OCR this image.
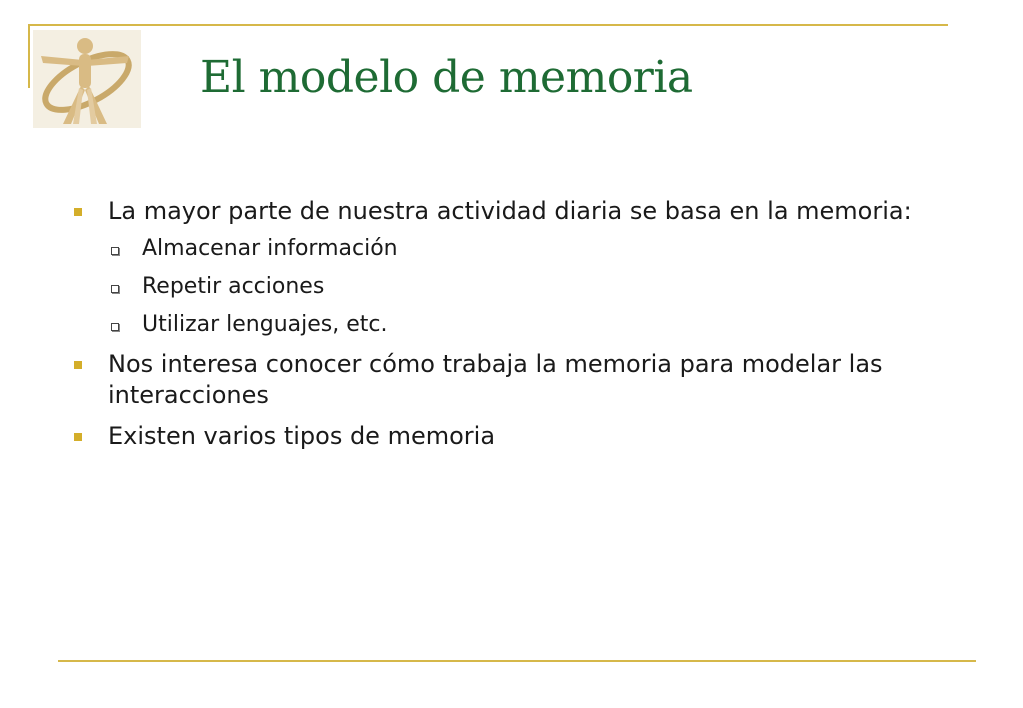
El modelo de memoria
La mayor parte de nuestra actividad diaria se basa en la memoria:
Almacenar información
Repetir acciones
Utilizar lenguajes, etc.
Nos interesa conocer cómo trabaja la memoria para modelar las interacciones
Existen varios tipos de memoria
